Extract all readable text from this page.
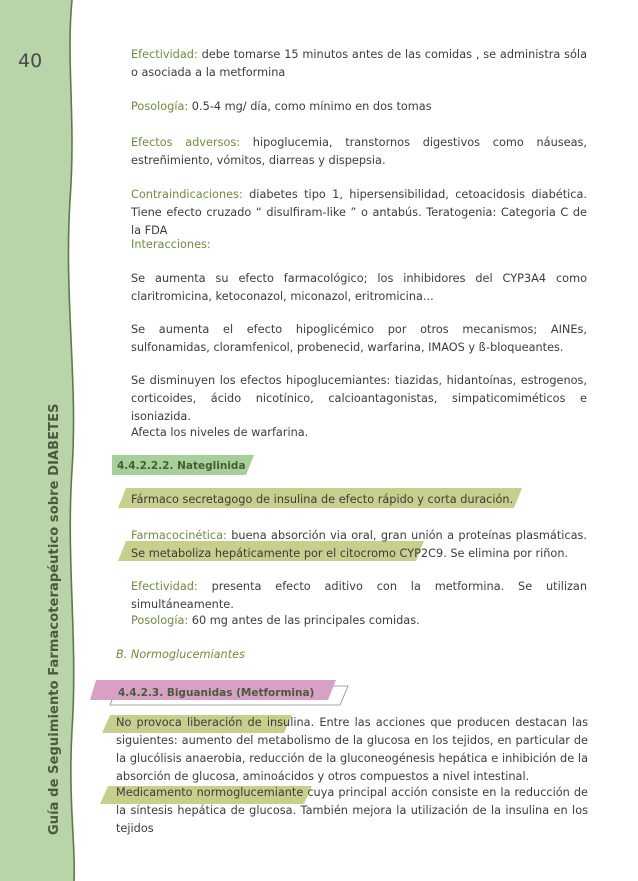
40
Guía de Seguimiento Farmacoterapéutico sobre DIABETES
Efectividad: debe tomarse 15 minutos antes de las comidas , se administra sóla o asociada a la metformina
Posología: 0.5-4 mg/ día, como mínimo en dos tomas
Efectos adversos: hipoglucemia, transtornos digestivos como náuseas, estreñimiento, vómitos, diarreas y dispepsia.
Contraindicaciones: diabetes tipo 1, hipersensibilidad, cetoacidosis diabética. Tiene efecto cruzado “ disulfiram-like ” o antabús. Teratogenia: Categoria C de la FDA
Interacciones:
Se aumenta su efecto farmacológico; los inhibidores del CYP3A4 como claritromicina, ketoconazol, miconazol, eritromicina...
Se aumenta el efecto hipoglicémico por otros mecanismos; AINEs, sulfonamidas, cloramfenicol, probenecid, warfarina, IMAOS y ß-bloqueantes.
Se disminuyen los efectos hipoglucemiantes: tiazidas, hidantoínas, estrogenos, corticoides, ácido nicotínico, calcioantagonistas, simpaticomiméticos e isoniazida.
Afecta los niveles de warfarina.
4.4.2.2.2. Nateglinida
Fármaco secretagogo de insulina de efecto rápido y corta duración.
Farmacocinética: buena absorción via oral, gran unión a proteínas plasmáticas. Se metaboliza hepáticamente por el citocromo CYP2C9. Se elimina por riñon.
Efectividad: presenta efecto aditivo con la metformina. Se utilizan simultáneamente.
Posología: 60 mg antes de las principales comidas.
B. Normoglucemiantes
4.4.2.3. Biguanidas (Metformina)
No provoca liberación de insulina. Entre las acciones que producen destacan las siguientes: aumento del metabolismo de la glucosa en los tejidos, en particular de la glucólisis anaerobia, reducción de la gluconeogénesis hepática e inhibición de la absorción de glucosa, aminoácidos y otros compuestos a nivel intestinal.
Medicamento normoglucemiante cuya principal acción consiste en la reducción de la síntesis hepática de glucosa. También mejora la utilización de la insulina en los tejidos
